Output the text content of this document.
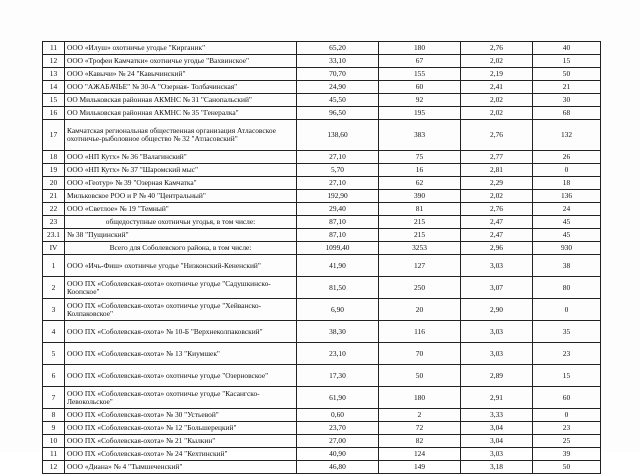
11	ООО «Илуш» охотничье угодье "Кирганик"	65,20	180	2,76	40
12	ООО «Трофеи Камчатки» охотничье угодье "Вахвинское"	33,10	67	2,02	15
13	ООО «Кавычи» № 24 "Кавычинский"	70,70	155	2,19	50
14	ООО "АЖАБАЧЬЕ" № 30-А "Озерная- Толбачинская"	24,90	60	2,41	21
15	ОО Мильковская районная АКМНС № 31 "Санопальский"	45,50	92	2,02	30
16	ОО Мильковская районная АКМНС № 35 "Генералка"	96,50	195	2,02	68
17	Камчатская региональная общественная организация Атласовское охотничье-рыболовное общество № 32 "Атласовский"	138,60	383	2,76	132
18	ООО «НП Кутх» № 36 "Валагинский"	27,10	75	2,77	26
19	ООО «НП Кутх» № 37 "Шаромский мыс"	5,70	16	2,81	0
20	ООО «Геотур» № 39 "Озерная Камчатка"	27,10	62	2,29	18
21	Мильковское РОО и Р № 40 "Центральный"	192,90	390	2,02	136
22	ООО «Светлое» № 19 "Темный"	29,40	81	2,76	24
23	общедоступные охотничьи угодья, в том числе:	87,10	215	2,47	45
23.1	№ 38 "Пущинский"	87,10	215	2,47	45
IV	Всего для Соболевского района, в том числе:	1099,40	3253	2,96	930
1	ООО «Ичь-Фиш» охотничье угодье "Низконский-Кененский"	41,90	127	3,03	38
2	ООО ПХ «Соболевская-охота» охотничье угодье "Садушкинско-Коопское"	81,50	250	3,07	80
3	ООО ПХ «Соболевская-охота» охотничье угодье "Хейванско-Колпаковское"	6,90	20	2,90	0
4	ООО ПХ «Соболевская-охота» № 10-Б "Верхнеколпаковский"	38,30	116	3,03	35
5	ООО ПХ «Соболевская-охота» № 13 "Киумшек"	23,10	70	3,03	23
6	ООО ПХ «Соболевская-охота» охотничье угодье "Озерновское"	17,30	50	2,89	15
7	ООО ПХ «Соболевская-охота» охотничье угодье "Касангско-Левокольское"	61,90	180	2,91	60
8	ООО ПХ «Соболевская-охота» № 30 "Устьевой"	0,60	2	3,33	0
9	ООО ПХ «Соболевская-охота» № 12 "Большерецкий"	23,70	72	3,04	23
10	ООО ПХ «Соболевская-охота» № 21 "Кылкин"	27,00	82	3,04	25
11	ООО ПХ «Соболевская-охота» № 24 "Кехтинский"	40,90	124	3,03	39
12	ООО «Диана» № 4 "Тымшеченский"	46,80	149	3,18	50
